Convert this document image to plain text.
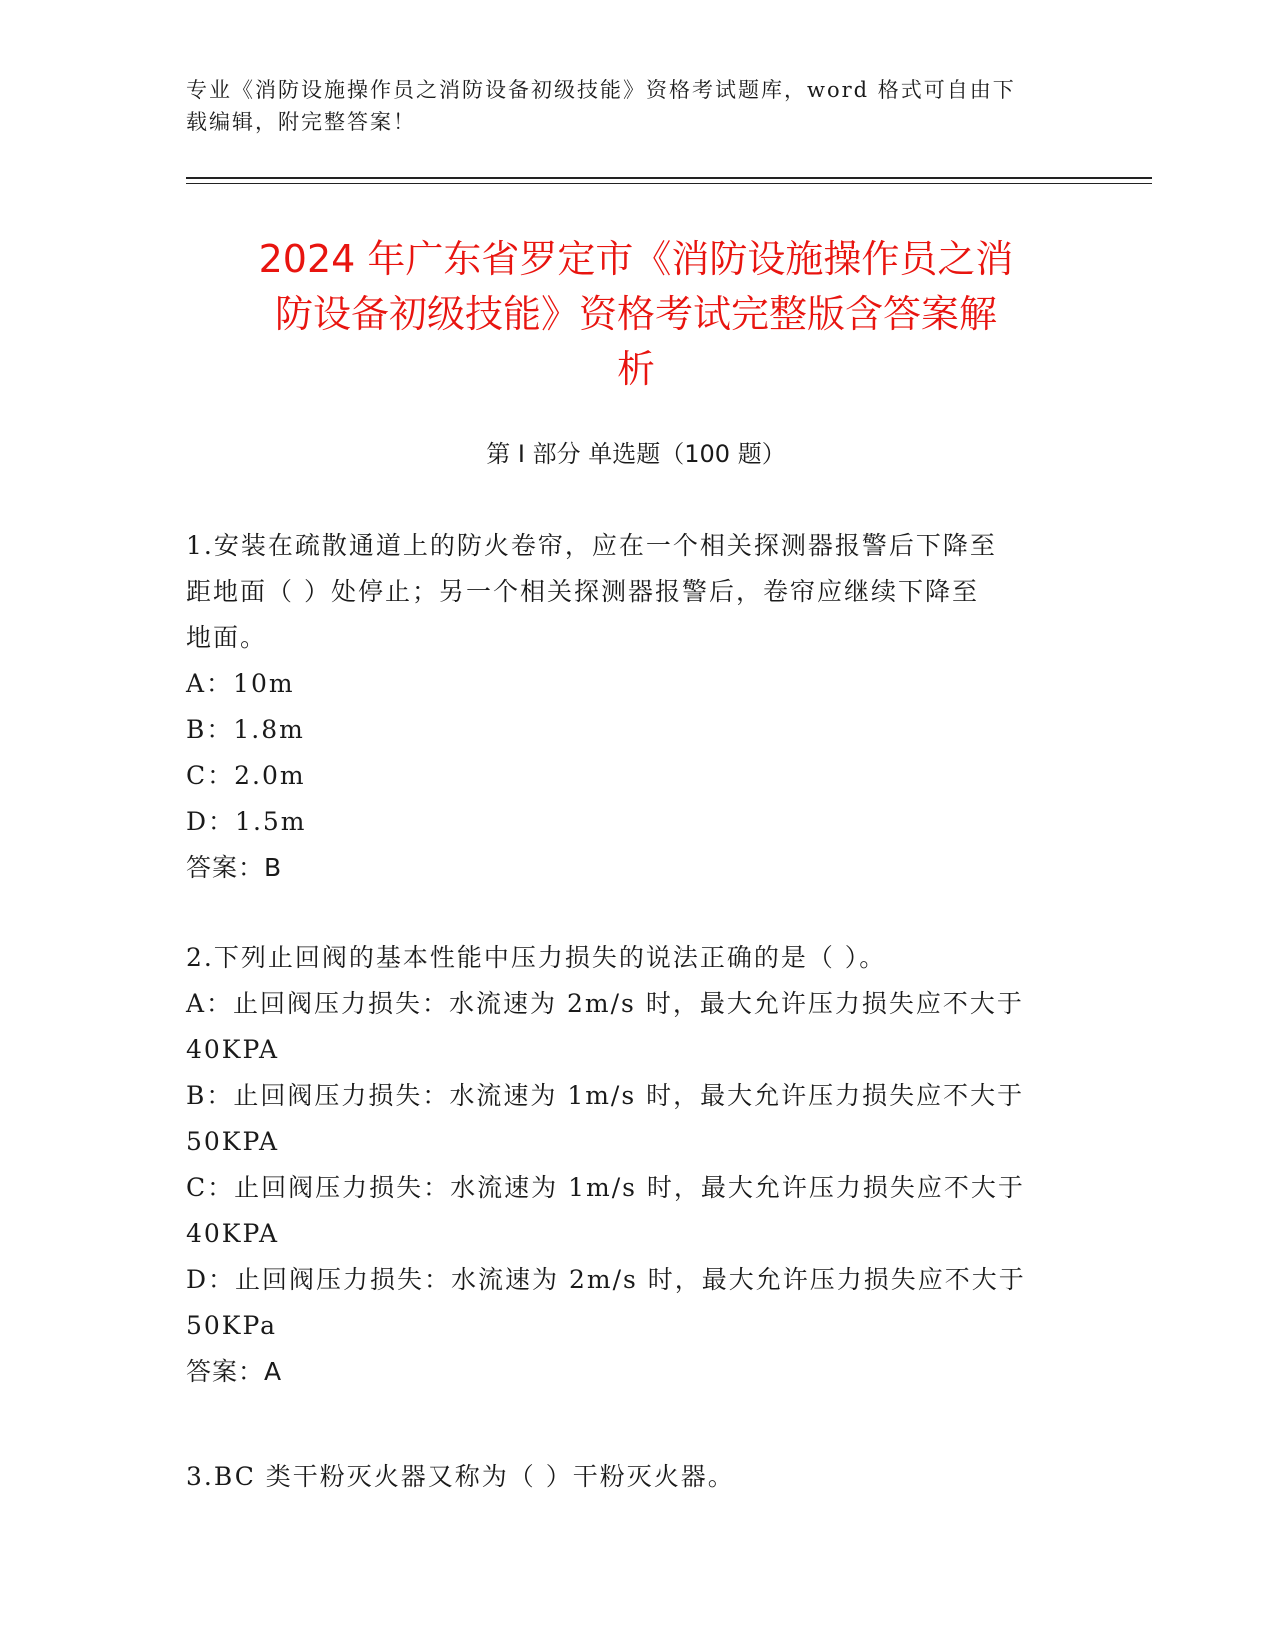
专业《消防设施操作员之消防设备初级技能》资格考试题库，word 格式可自由下
载编辑，附完整答案！
2024 年广东省罗定市《消防设施操作员之消
防设备初级技能》资格考试完整版含答案解
析
第 I 部分 单选题（100 题）
1.安装在疏散通道上的防火卷帘，应在一个相关探测器报警后下降至
距地面（ ）处停止；另一个相关探测器报警后，卷帘应继续下降至
地面。
A：10m
B：1.8m
C：2.0m
D：1.5m
答案：B
2.下列止回阀的基本性能中压力损失的说法正确的是（ ）。
A：止回阀压力损失：水流速为 2m/s 时，最大允许压力损失应不大于
40KPA
B：止回阀压力损失：水流速为 1m/s 时，最大允许压力损失应不大于
50KPA
C：止回阀压力损失：水流速为 1m/s 时，最大允许压力损失应不大于
40KPA
D：止回阀压力损失：水流速为 2m/s 时，最大允许压力损失应不大于
50KPa
答案：A
3.BC 类干粉灭火器又称为（ ）干粉灭火器。
